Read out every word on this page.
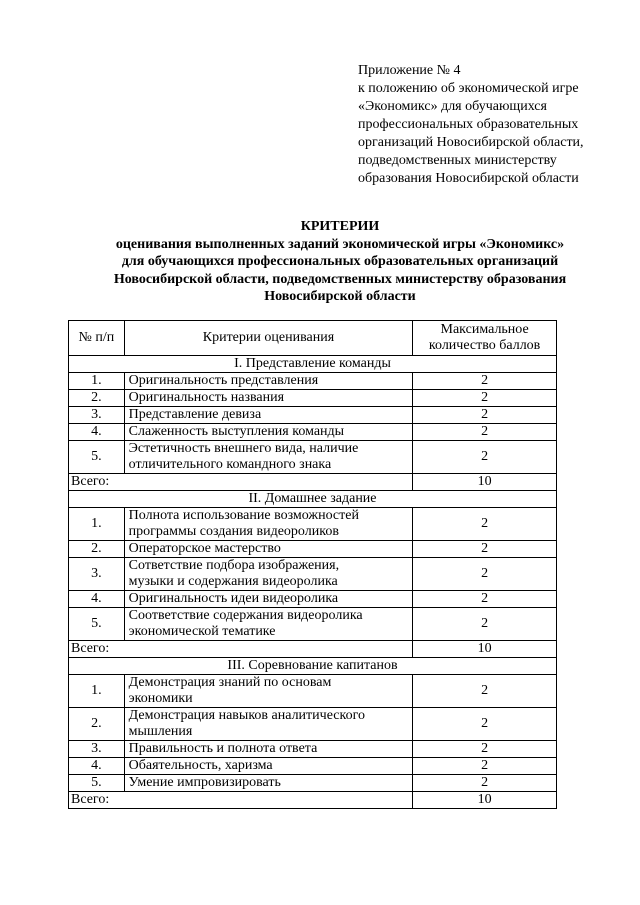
Приложение № 4
к положению об экономической игре
«Экономикс» для обучающихся
профессиональных образовательных
организаций Новосибирской области,
подведомственных министерству
образования Новосибирской области
КРИТЕРИИ
оценивания выполненных заданий экономической игры «Экономикс»
для обучающихся профессиональных образовательных организаций
Новосибирской области, подведомственных министерству образования
Новосибирской области
№ п/п	Критерии оценивания	Максимальное
количество баллов

I. Представление команды		
1.	Оригинальность представления	2
2.	Оригинальность названия	2
3.	Представление девиза	2
4.	Слаженность выступления команды	2
5.	Эстетичность внешнего вида, наличие
отличительного командного знака	2
Всего:		10
II. Домашнее задание		
1.	Полнота использование возможностей
программы создания видеороликов	2
2.	Операторское мастерство	2
3.	Сответствие подбора изображения,
музыки и содержания видеоролика	2
4.	Оригинальность идеи видеоролика	2
5.	Соответствие содержания видеоролика
экономической тематике	2
Всего:		10
III. Соревнование капитанов		
1.	Демонстрация знаний по основам
экономики	2
2.	Демонстрация навыков аналитического
мышления	2
3.	Правильность и полнота ответа	2
4.	Обаятельность, харизма	2
5.	Умение импровизировать	2
Всего:		10
